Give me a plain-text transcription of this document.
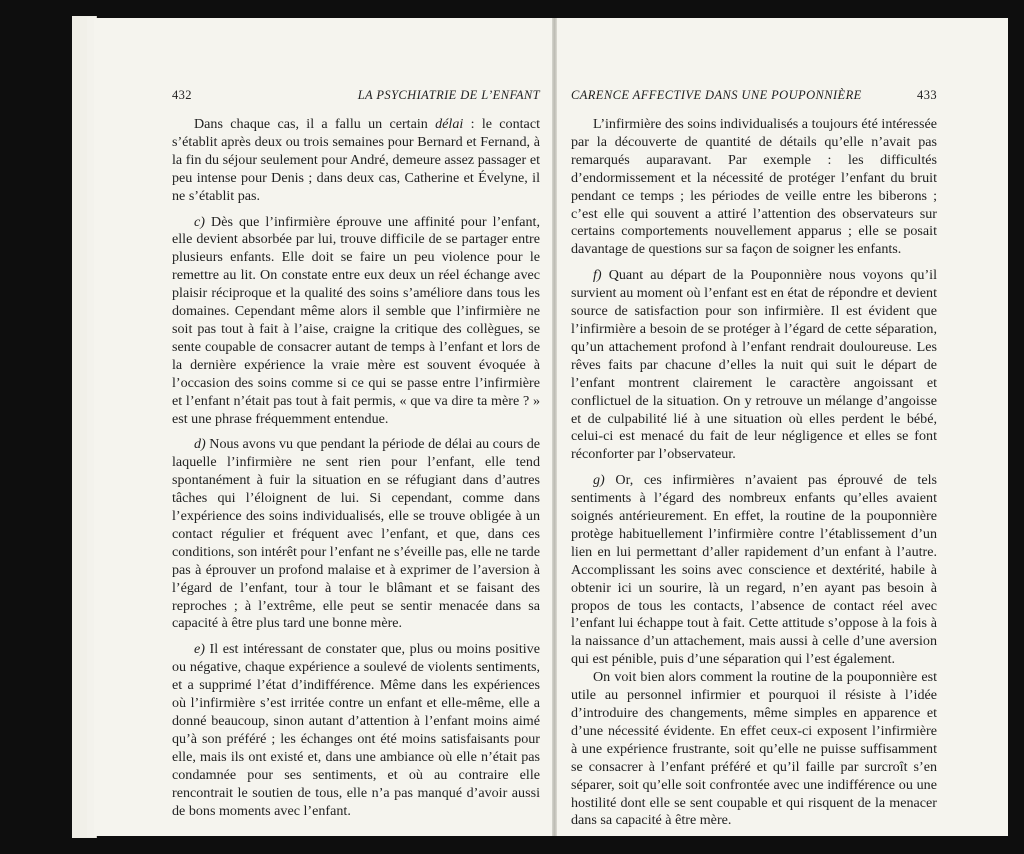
432	LA PSYCHIATRIE DE L’ENFANT CARENCE AFFECTIVE DANS UNE POUPONNIÈRE	433

Dans chaque cas, il a fallu un certain délai : le contact s’établit après deux ou trois semaines pour Bernard et Fernand, à la fin du séjour seulement pour André, demeure assez passager et peu intense pour Denis ; dans deux cas, Catherine et Évelyne, il ne s’établit pas.

c) Dès que l’infirmière éprouve une affinité pour l’enfant, elle devient absorbée par lui, trouve difficile de se partager entre plusieurs enfants. Elle doit se faire un peu violence pour le remettre au lit. On constate entre eux deux un réel échange avec plaisir réciproque et la qualité des soins s’améliore dans tous les domaines. Cependant même alors il semble que l’infirmière ne soit pas tout à fait à l’aise, craigne la critique des collègues, se sente coupable de consacrer autant de temps à l’enfant et lors de la dernière expérience la vraie mère est souvent évoquée à l’occasion des soins comme si ce qui se passe entre l’infirmière et l’enfant n’était pas tout à fait permis, « que va dire ta mère ? » est une phrase fréquemment entendue.

d) Nous avons vu que pendant la période de délai au cours de laquelle l’infirmière ne sent rien pour l’enfant, elle tend spontanément à fuir la situation en se réfugiant dans d’autres tâches qui l’éloignent de lui. Si cependant, comme dans l’expérience des soins individualisés, elle se trouve obligée à un contact régulier et fréquent avec l’enfant, et que, dans ces conditions, son intérêt pour l’enfant ne s’éveille pas, elle ne tarde pas à éprouver un profond malaise et à exprimer de l’aversion à l’égard de l’enfant, tour à tour le blâmant et se faisant des reproches ; à l’extrême, elle peut se sentir menacée dans sa capacité à être plus tard une bonne mère.

e) Il est intéressant de constater que, plus ou moins positive ou négative, chaque expérience a soulevé de violents sentiments, et a supprimé l’état d’indifférence. Même dans les expériences où l’infirmière s’est irritée contre un enfant et elle-même, elle a donné beaucoup, sinon autant d’attention à l’enfant moins aimé qu’à son préféré ; les échanges ont été moins satisfaisants pour elle, mais ils ont existé et, dans une ambiance où elle n’était pas condamnée pour ses sentiments, et où au contraire elle rencontrait le soutien de tous, elle n’a pas manqué d’avoir aussi de bons moments avec l’enfant.

L’infirmière des soins individualisés a toujours été intéressée par la découverte de quantité de détails qu’elle n’avait pas remarqués auparavant. Par exemple : les difficultés d’endormissement et la nécessité de protéger l’enfant du bruit pendant ce temps ; les périodes de veille entre les biberons ; c’est elle qui souvent a attiré l’attention des observateurs sur certains comportements nouvellement apparus ; elle se posait davantage de questions sur sa façon de soigner les enfants.

f) Quant au départ de la Pouponnière nous voyons qu’il survient au moment où l’enfant est en état de répondre et devient source de satisfaction pour son infirmière. Il est évident que l’infirmière a besoin de se protéger à l’égard de cette séparation, qu’un attachement profond à l’enfant rendrait douloureuse. Les rêves faits par chacune d’elles la nuit qui suit le départ de l’enfant montrent clairement le caractère angoissant et conflictuel de la situation. On y retrouve un mélange d’angoisse et de culpabilité lié à une situation où elles perdent le bébé, celui-ci est menacé du fait de leur négligence et elles se font réconforter par l’observateur.

g) Or, ces infirmières n’avaient pas éprouvé de tels sentiments à l’égard des nombreux enfants qu’elles avaient soignés antérieurement. En effet, la routine de la pouponnière protège habituellement l’infirmière contre l’établissement d’un lien en lui permettant d’aller rapidement d’un enfant à l’autre. Accomplissant les soins avec conscience et dextérité, habile à obtenir ici un sourire, là un regard, n’en ayant pas besoin à propos de tous les contacts, l’absence de contact réel avec l’enfant lui échappe tout à fait. Cette attitude s’oppose à la fois à la naissance d’un attachement, mais aussi à celle d’une aversion qui est pénible, puis d’une séparation qui l’est également.

On voit bien alors comment la routine de la pouponnière est utile au personnel infirmier et pourquoi il résiste à l’idée d’introduire des changements, même simples en apparence et d’une nécessité évidente. En effet ceux-ci exposent l’infirmière à une expérience frustrante, soit qu’elle ne puisse suffisamment se consacrer à l’enfant préféré et qu’il faille par surcroît s’en séparer, soit qu’elle soit confrontée avec une indifférence ou une hostilité dont elle se sent coupable et qui risquent de la menacer dans sa capacité à être mère.
